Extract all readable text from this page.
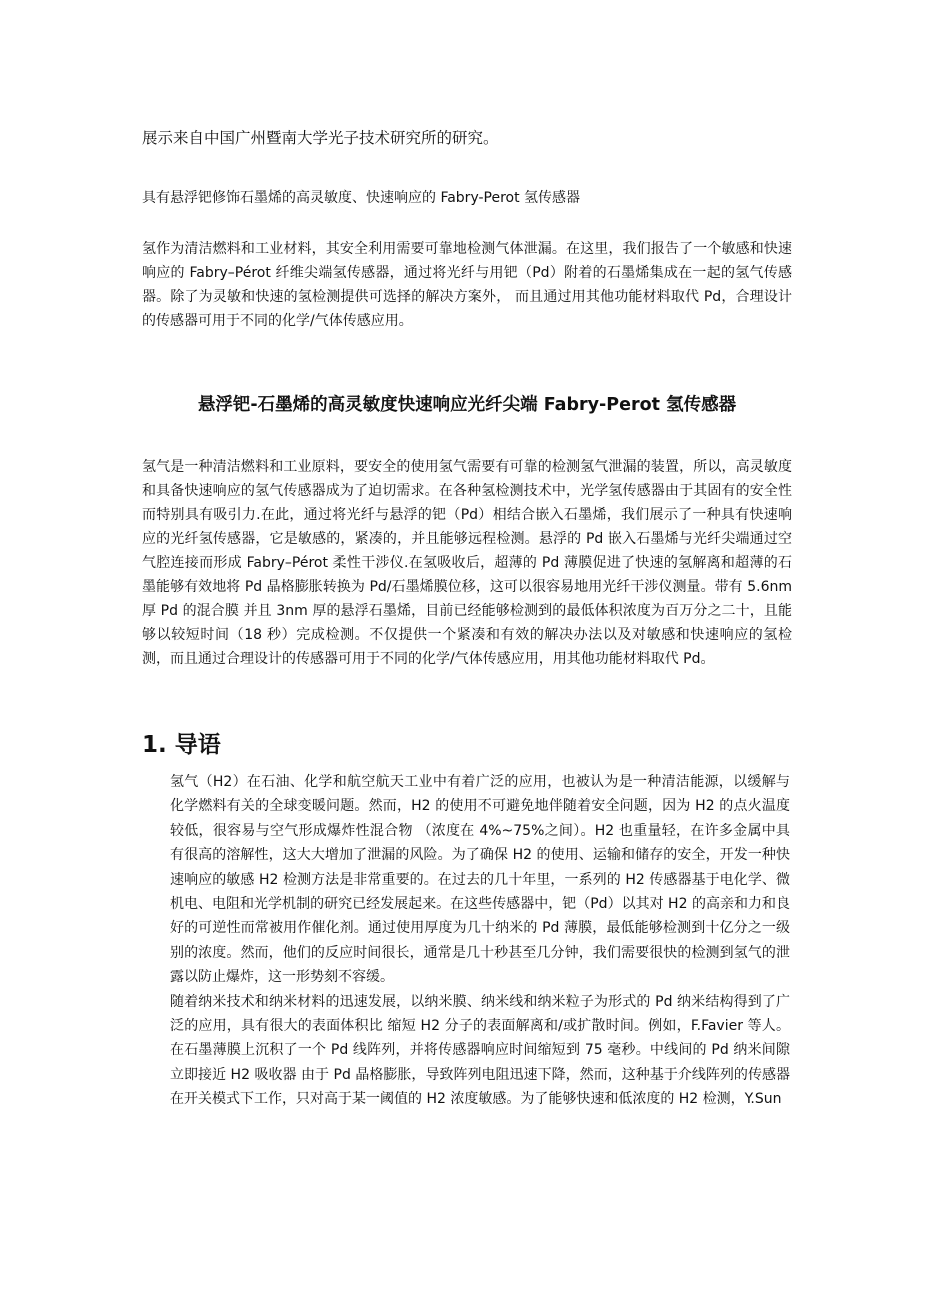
展示来自中国广州暨南大学光子技术研究所的研究。

具有悬浮钯修饰石墨烯的高灵敏度、快速响应的 Fabry-Perot 氢传感器

氢作为清洁燃料和工业材料，其安全利用需要可靠地检测气体泄漏。在这里，我们报告了一个敏感和快速响应的 Fabry–Pérot 纤维尖端氢传感器，通过将光纤与用钯（Pd）附着的石墨烯集成在一起的氢气传感器。除了为灵敏和快速的氢检测提供可选择的解决方案外， 而且通过用其他功能材料取代 Pd，合理设计的传感器可用于不同的化学/气体传感应用。

悬浮钯-石墨烯的高灵敏度快速响应光纤尖端 Fabry-Perot 氢传感器

氢气是一种清洁燃料和工业原料，要安全的使用氢气需要有可靠的检测氢气泄漏的装置，所以，高灵敏度和具备快速响应的氢气传感器成为了迫切需求。在各种氢检测技术中，光学氢传感器由于其固有的安全性而特别具有吸引力.在此，通过将光纤与悬浮的钯（Pd）相结合嵌入石墨烯，我们展示了一种具有快速响应的光纤氢传感器，它是敏感的，紧凑的，并且能够远程检测。悬浮的 Pd 嵌入石墨烯与光纤尖端通过空气腔连接而形成 Fabry–Pérot 柔性干涉仪.在氢吸收后，超薄的 Pd 薄膜促进了快速的氢解离和超薄的石墨能够有效地将 Pd 晶格膨胀转换为 Pd/石墨烯膜位移，这可以很容易地用光纤干涉仪测量。带有 5.6nm 厚 Pd 的混合膜 并且 3nm 厚的悬浮石墨烯，目前已经能够检测到的最低体积浓度为百万分之二十，且能够以较短时间（18 秒）完成检测。不仅提供一个紧凑和有效的解决办法以及对敏感和快速响应的氢检测，而且通过合理设计的传感器可用于不同的化学/气体传感应用，用其他功能材料取代 Pd。

1. 导语

氢气（H2）在石油、化学和航空航天工业中有着广泛的应用，也被认为是一种清洁能源，以缓解与化学燃料有关的全球变暖问题。然而，H2 的使用不可避免地伴随着安全问题，因为 H2 的点火温度较低，很容易与空气形成爆炸性混合物 （浓度在 4%~75%之间）。H2 也重量轻，在许多金属中具有很高的溶解性，这大大增加了泄漏的风险。为了确保 H2 的使用、运输和储存的安全，开发一种快速响应的敏感 H2 检测方法是非常重要的。在过去的几十年里，一系列的 H2 传感器基于电化学、微机电、电阻和光学机制的研究已经发展起来。在这些传感器中，钯（Pd）以其对 H2 的高亲和力和良好的可逆性而常被用作催化剂。通过使用厚度为几十纳米的 Pd 薄膜，最低能够检测到十亿分之一级别的浓度。然而，他们的反应时间很长，通常是几十秒甚至几分钟，我们需要很快的检测到氢气的泄露以防止爆炸，这一形势刻不容缓。

随着纳米技术和纳米材料的迅速发展，以纳米膜、纳米线和纳米粒子为形式的 Pd 纳米结构得到了广泛的应用，具有很大的表面体积比 缩短 H2 分子的表面解离和/或扩散时间。例如，F.Favier 等人。在石墨薄膜上沉积了一个 Pd 线阵列，并将传感器响应时间缩短到 75 毫秒。中线间的 Pd 纳米间隙立即接近 H2 吸收器 由于 Pd 晶格膨胀，导致阵列电阻迅速下降，然而，这种基于介线阵列的传感器在开关模式下工作，只对高于某一阈值的 H2 浓度敏感。为了能够快速和低浓度的 H2 检测，Y.Sun
